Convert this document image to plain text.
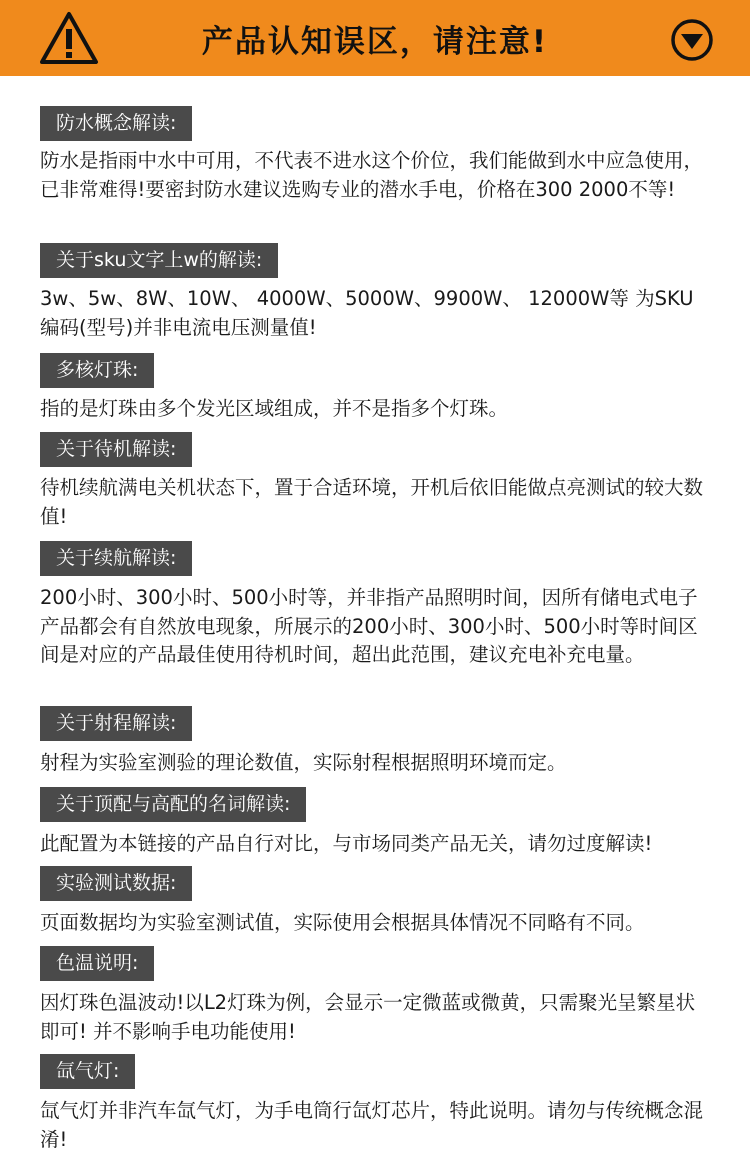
产品认知误区，请注意!
防水概念解读:
防水是指雨中水中可用，不代表不进水这个价位，我们能做到水中应急使用，已非常难得!要密封防水建议选购专业的潜水手电，价格在300 2000不等!
关于sku文字上w的解读:
3w、5w、8W、10W、 4000W、5000W、9900W、 12000W等 为SKU编码(型号)并非电流电压测量值!
多核灯珠:
指的是灯珠由多个发光区域组成，并不是指多个灯珠。
关于待机解读:
待机续航满电关机状态下，置于合适环境，开机后依旧能做点亮测试的较大数值!
关于续航解读:
200小时、300小时、500小时等，并非指产品照明时间，因所有储电式电子产品都会有自然放电现象，所展示的200小时、300小时、500小时等时间区间是对应的产品最佳使用待机时间，超出此范围，建议充电补充电量。
关于射程解读:
射程为实验室测验的理论数值，实际射程根据照明环境而定。
关于顶配与高配的名词解读:
此配置为本链接的产品自行对比，与市场同类产品无关，请勿过度解读!
实验测试数据:
页面数据均为实验室测试值，实际使用会根据具体情况不同略有不同。
色温说明:
因灯珠色温波动!以L2灯珠为例，会显示一定微蓝或微黄，只需聚光呈繁星状即可! 并不影响手电功能使用!
氙气灯:
氙气灯并非汽车氙气灯，为手电筒行氙灯芯片，特此说明。请勿与传统概念混淆!
